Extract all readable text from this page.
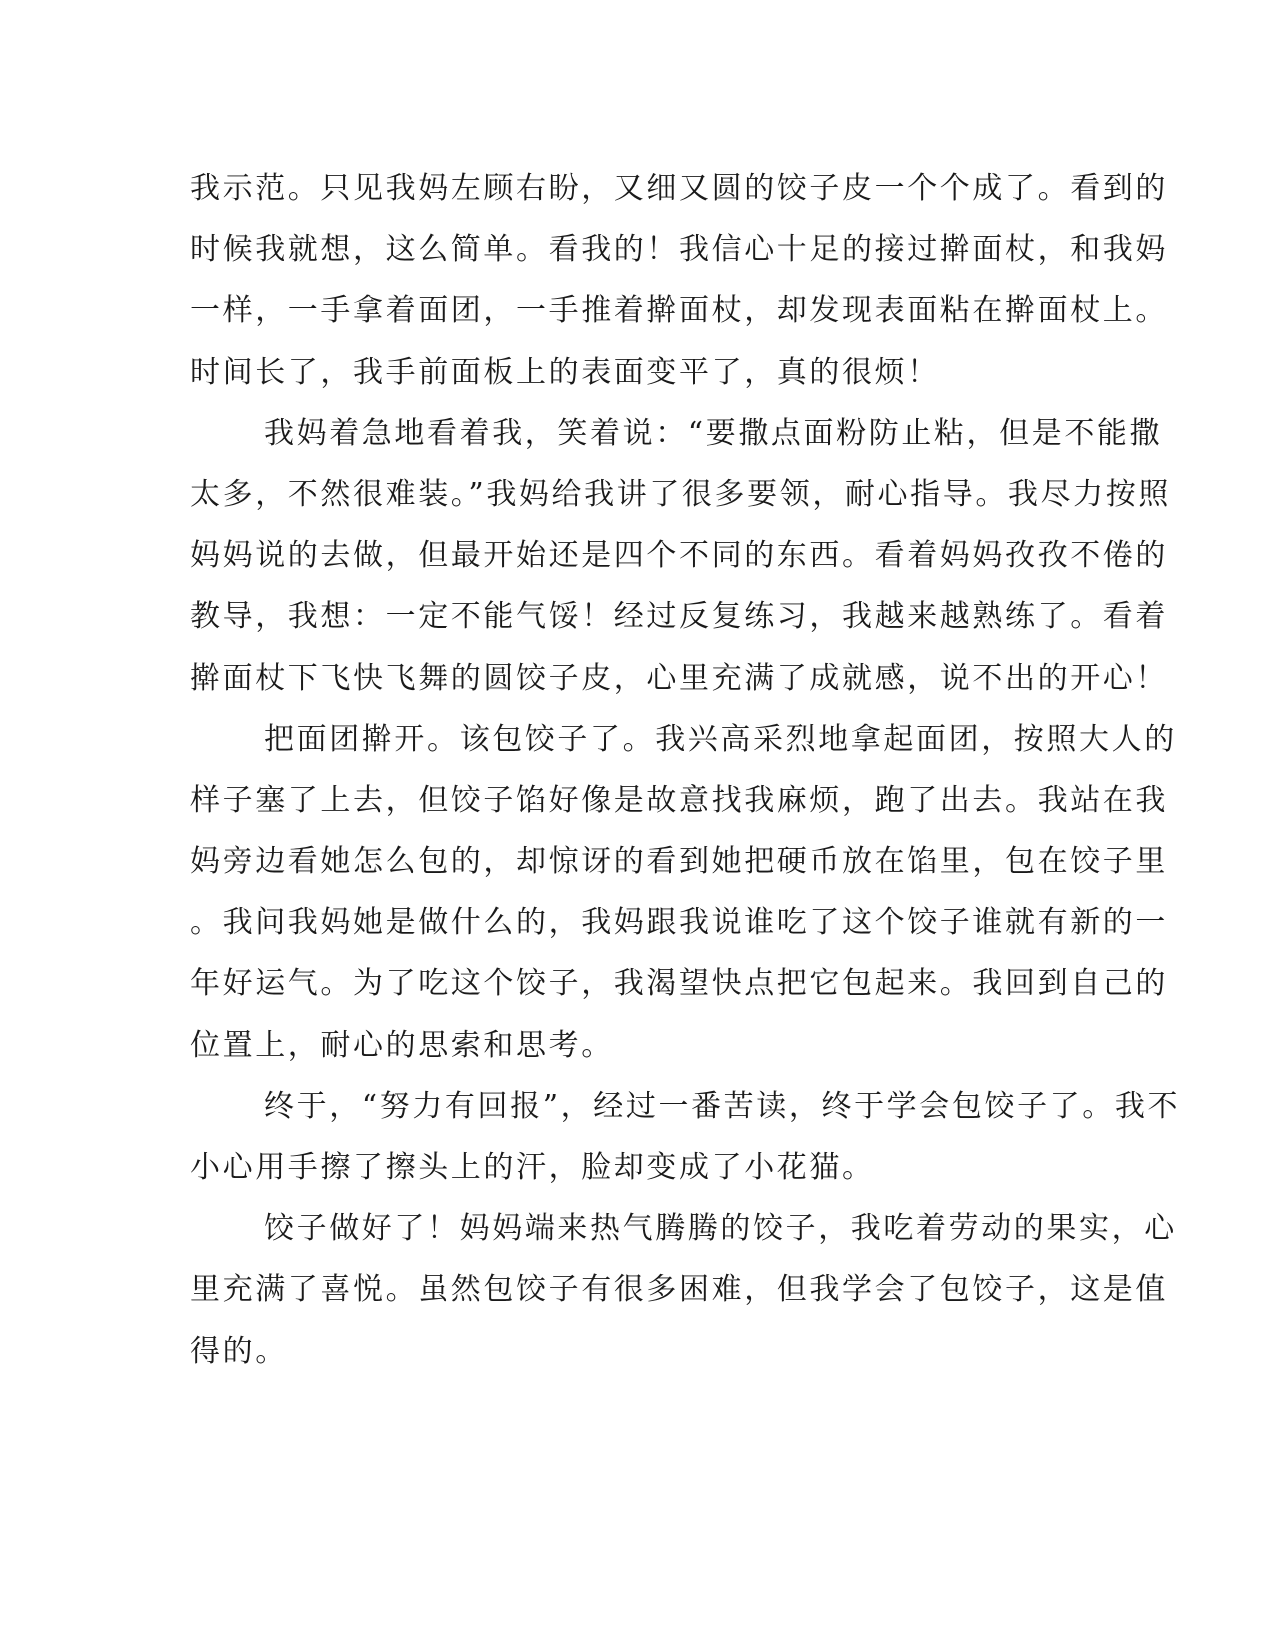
我示范。只见我妈左顾右盼，又细又圆的饺子皮一个个成了。看到的
时候我就想，这么简单。看我的！我信心十足的接过擀面杖，和我妈
一样，一手拿着面团，一手推着擀面杖，却发现表面粘在擀面杖上。
时间长了，我手前面板上的表面变平了，真的很烦！
我妈着急地看着我，笑着说：“要撒点面粉防止粘，但是不能撒
太多，不然很难装。”我妈给我讲了很多要领，耐心指导。我尽力按照
妈妈说的去做，但最开始还是四个不同的东西。看着妈妈孜孜不倦的
教导，我想：一定不能气馁！经过反复练习，我越来越熟练了。看着
擀面杖下飞快飞舞的圆饺子皮，心里充满了成就感，说不出的开心！
把面团擀开。该包饺子了。我兴高采烈地拿起面团，按照大人的
样子塞了上去，但饺子馅好像是故意找我麻烦，跑了出去。我站在我
妈旁边看她怎么包的，却惊讶的看到她把硬币放在馅里，包在饺子里
。我问我妈她是做什么的，我妈跟我说谁吃了这个饺子谁就有新的一
年好运气。为了吃这个饺子，我渴望快点把它包起来。我回到自己的
位置上，耐心的思索和思考。
终于，“努力有回报”，经过一番苦读，终于学会包饺子了。我不
小心用手擦了擦头上的汗，脸却变成了小花猫。
饺子做好了！妈妈端来热气腾腾的饺子，我吃着劳动的果实，心
里充满了喜悦。虽然包饺子有很多困难，但我学会了包饺子，这是值
得的。
